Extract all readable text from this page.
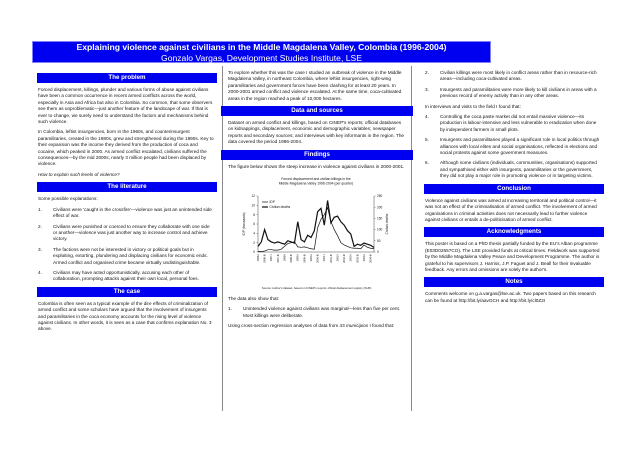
Explaining violence against civilians in the Middle Magdalena Valley, Colombia (1996-2004)
Gonzalo Vargas, Development Studies Institute, LSE
The problem

Forced displacement, killings, plunder and various forms of abuse against civilians have been a common occurrence in recent armed conflicts across the world, especially in Asia and Africa but also in Colombia. So common, that some observers see them as unproblematic—just another feature of the landscape of war. If that is ever to change, we surely need to understand the factors and mechanisms behind such violence.

In Colombia, leftist insurgencies, born in the 1960s, and counterinsurgent paramilitaries, created in the 1980s, grew and strengthened during the 1990s. Key to their expansion was the income they derived from the production of coca and cocaine, which peaked in 2000. As armed conflict escalated, civilians suffered the consequences—by the mid 2000s, nearly 3 million people had been displaced by violence.

How to explain such levels of violence?

The literature

Some possible explanations:

1.	Civilians were 'caught in the crossfire'—violence was just an unintended side effect of war.
2.	Civilians were punished or coerced to ensure they collaborate with one side or another—violence was just another way to increase control and achieve victory.
3.	The factions were not be interested in victory or political goals but in exploiting, extorting, plundering and displacing civilians for economic ends. Armed conflict and organised crime became virtually undistinguishable.
4.	Civilians may have acted opportunistically, accusing each other of collaboration, prompting attacks against their own local, personal foes.
The case

Colombia is often seen as a typical example of the dire effects of criminalization of armed conflict and some scholars have argued that the involvement of insurgents and paramilitaries in the coca economy accounts for the rising level of violence against civilians. In other words, it is seen as a case that confirms explanation No. 3 above.

To explore whether this was the case I studied an outbreak of violence in the Middle Magdalena Valley, in northeast Colombia, where leftist insurgencies, right-wing paramilitaries and government forces have been clashing for at least 20 years. In 2000-2001 armed conflict and violence escalated. At the same time, coca-cultivated areas in the region reached a peak of 10,000 hectares.

Data and sources

Dataset on armed conflict and killings, based on CINEP's reports; official databases on kidnappings, displacement, economic and demographic variables; newspaper reports and secondary sources; and interviews with key informants in the region. The data covered the period 1996-2004.

Findings

The figure below shows the steep increase in violence against civilians in 2000-2001.

Forced displacement and civilian killings in the
Middle Magdalena Valley 1996-2004 (per quarter)
0
2
4
6
8
10
12
0
50
100
150
200
250
IDP (thousands)	Civilian deaths
1996-I	1996-III	1997-I	1997-III	1998-I	1998-III	1999-I	1999-III	2000-I	2000-III	2001-I	2001-III	2002-I	2002-III	2003-I	2003-III	2004-I	2004-III
IDP
Civilian deaths
Source: Author's dataset, based on CINEP's reports; official displacement registry (SUR).

The data also show that:

1.	Unintended violence against civilians was marginal—less than five per cent. Most killings were deliberate.

Using cross-section regression analyses of data from 43 municipios I found that:

2.	Civilian killings were most likely in conflict areas rather than in resource-rich areas—including coca-cultivated areas.
3.	Insurgents and paramilitaries were more likely to kill civilians in areas with a previous record of enemy activity than in any other areas.

In interviews and visits to the field I found that:

4.	Controlling the coca paste market did not entail massive violence—its production is labour-intensive and less vulnerable to eradication when done by independent farmers in small plots.
5.	Insurgents and paramilitaries played a significant role in local politics through alliances with local elites and social organisations, reflected in elections and social protests against some government measures.
6.	Although some civilians (individuals, communities, organisations) supported and sympathised either with insurgents, paramilitaries or the government, they did not play a major role in promoting violence or in targeting victims.
Conclusion

Violence against civilians was aimed at increasing territorial and political control—it was not an effect of the criminalisation of armed conflict. The involvement of armed organisations in criminal activities does not necessarily lead to further violence against civilians or entails a de-politicisation of armed conflict.

Acknowledgments

This poster is based on a PhD thesis partially funded by the EU's Alban programme (E03D02657CO). The LSE provided funds at critical times. Fieldwork was supported by the Middle Magdalena Valley Peace and Development Programme. The author is grateful to his supervisors J. Harriss, J.P. Faguet and J. Beall for their invaluable feedback. Any errors and omissions are solely the author's.

Notes

Comments welcome on g.a.vargas@lse.ac.uk. Two papers based on this research can be found at http://bit.ly/aavGCH and http://bit.ly/cl0Z2I
